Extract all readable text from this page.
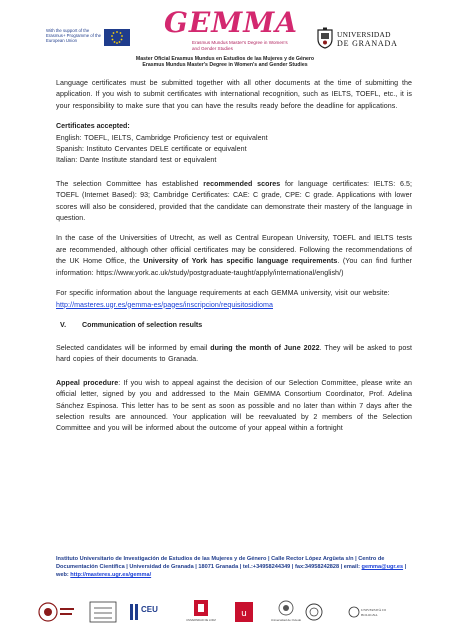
With the support of the Erasmus+ Programme of the European Union
GEMMA
Erasmus Mundus Master's Degree in Women's and Gender Studies
UNIVERSIDAD
DE GRANADA
Master Oficial Erasmus Mundus en Estudios de las Mujeres y de Género
Erasmus Mundus Master's Degree in Women's and Gender Studies

Language certificates must be submitted together with all other documents at the time of submitting the application. If you wish to submit certificates with international recognition, such as IELTS, TOEFL, etc., it is your responsibility to make sure that you can have the results ready before the deadline for applications.

Certificates accepted:

English: TOEFL, IELTS, Cambridge Proficiency test or equivalent

Spanish: Instituto Cervantes DELE certificate or equivalent

Italian: Dante Institute standard test or equivalent

The selection Committee has established recommended scores for language certificates: IELTS: 6.5; TOEFL (Internet Based): 93; Cambridge Certificates: CAE: C grade, CPE: C grade. Applications with lower scores will also be considered, provided that the candidate can demonstrate their mastery of the language in question.

In the case of the Universities of Utrecht, as well as Central European University, TOEFL and IELTS tests are recommended, although other official certificates may be considered. Following the recommendations of the UK Home Office, the University of York has specific language requirements. (You can find further information: https://www.york.ac.uk/study/postgraduate-taught/apply/international/english/)

For specific information about the language requirements at each GEMMA university, visit our website:
http://masteres.ugr.es/gemma-es/pages/inscripcion/requisitosidioma

V. Communication of selection results

Selected candidates will be informed by email during the month of June 2022. They will be asked to post hard copies of their documents to Granada.

Appeal procedure: If you wish to appeal against the decision of our Selection Committee, please write an official letter, signed by you and addressed to the Main GEMMA Consortium Coordinator, Prof. Adelina Sánchez Espinosa. This letter has to be sent as soon as possible and no later than within 7 days after the selection results are announced. Your application will be reevaluated by 2 members of the Selection Committee and you will be informed about the outcome of your appeal within a fortnight

Instituto Universitario de Investigación de Estudios de las Mujeres y de Género | Calle Rector López Argüeta s/n | Centro de Documentación Científica | Universidad de Granada | 18071 Granada | tel.:+34958244349 | fax:34958242828 | email: gemma@ugr.es | web: http://masteres.ugr.es/gemma/
CEU
UNIVERSIDAD DE LODZ
u
Universidad de Oviedo
UNIVERSITÀ DI BOLOGNA
